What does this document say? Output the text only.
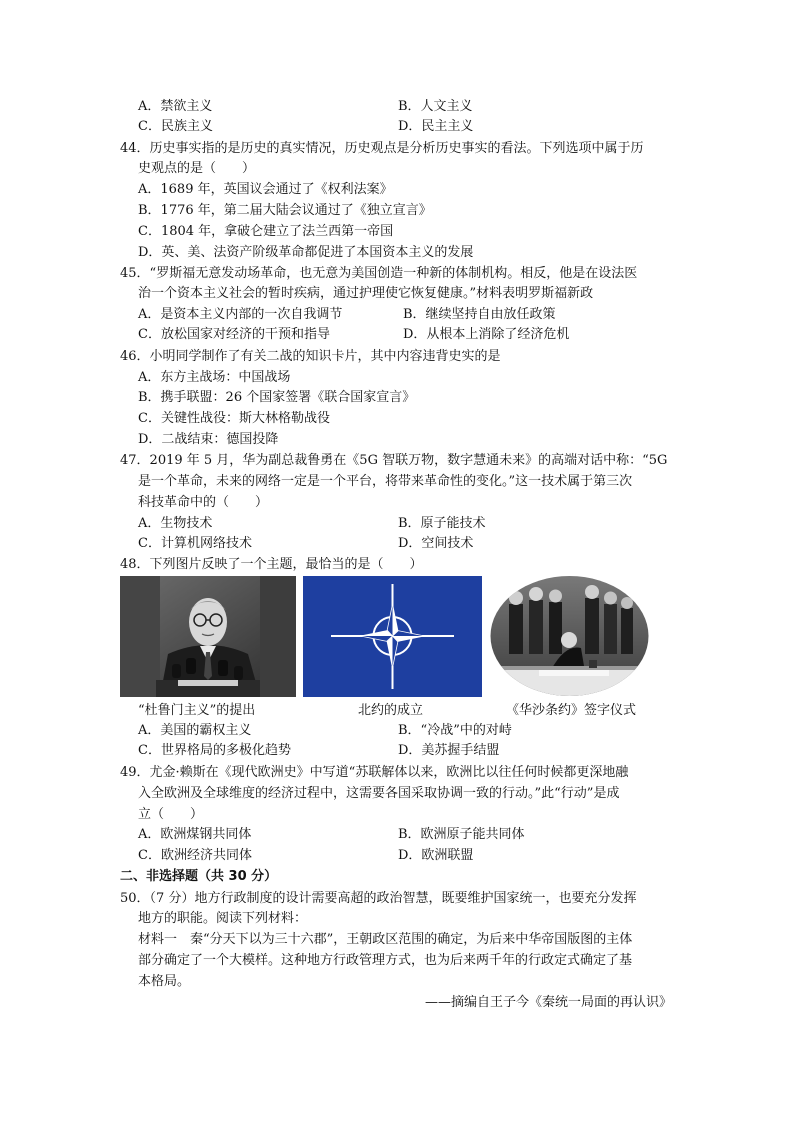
A．禁欲主义	B．人文主义
C．民族主义	D．民主主义
44．历史事实指的是历史的真实情况，历史观点是分析历史事实的看法。下列选项中属于历
史观点的是（　　）
A．1689 年，英国议会通过了《权利法案》
B．1776 年，第二届大陆会议通过了《独立宣言》
C．1804 年，拿破仑建立了法兰西第一帝国
D．英、美、法资产阶级革命都促进了本国资本主义的发展
45．“罗斯福无意发动场革命，也无意为美国创造一种新的体制机构。相反，他是在设法医
治一个资本主义社会的暂时疾病，通过护理使它恢复健康。”材料表明罗斯福新政
A．是资本主义内部的一次自我调节	B．继续坚持自由放任政策
C．放松国家对经济的干预和指导	D．从根本上消除了经济危机
46．小明同学制作了有关二战的知识卡片，其中内容违背史实的是
A．东方主战场：中国战场
B．携手联盟：26 个国家签署《联合国家宣言》
C．关键性战役：斯大林格勒战役
D．二战结束：德国投降
47．2019 年 5 月，华为副总裁鲁勇在《5G 智联万物，数字慧通未来》的高端对话中称：“5G
是一个革命，未来的网络一定是一个平台，将带来革命性的变化。”这一技术属于第三次
科技革命中的（　　）
A．生物技术	B．原子能技术
C．计算机网络技术	D．空间技术
48．下列图片反映了一个主题，最恰当的是（　　）
“杜鲁门主义”的提出	北约的成立	《华沙条约》签字仪式
A．美国的霸权主义	B．“冷战”中的对峙
C．世界格局的多极化趋势	D．美苏握手结盟
49．尤金·赖斯在《现代欧洲史》中写道“苏联解体以来，欧洲比以往任何时候都更深地融
入全欧洲及全球维度的经济过程中，这需要各国采取协调一致的行动。”此“行动”是成
立（　　）
A．欧洲煤钢共同体	B．欧洲原子能共同体
C．欧洲经济共同体	D．欧洲联盟
二、非选择题（共 30 分）
50．（7 分）地方行政制度的设计需要高超的政治智慧，既要维护国家统一，也要充分发挥
地方的职能。阅读下列材料：
材料一　秦“分天下以为三十六郡”，王朝政区范围的确定，为后来中华帝国版图的主体
部分确定了一个大模样。这种地方行政管理方式，也为后来两千年的行政定式确定了基
本格局。
——摘编自王子今《秦统一局面的再认识》
